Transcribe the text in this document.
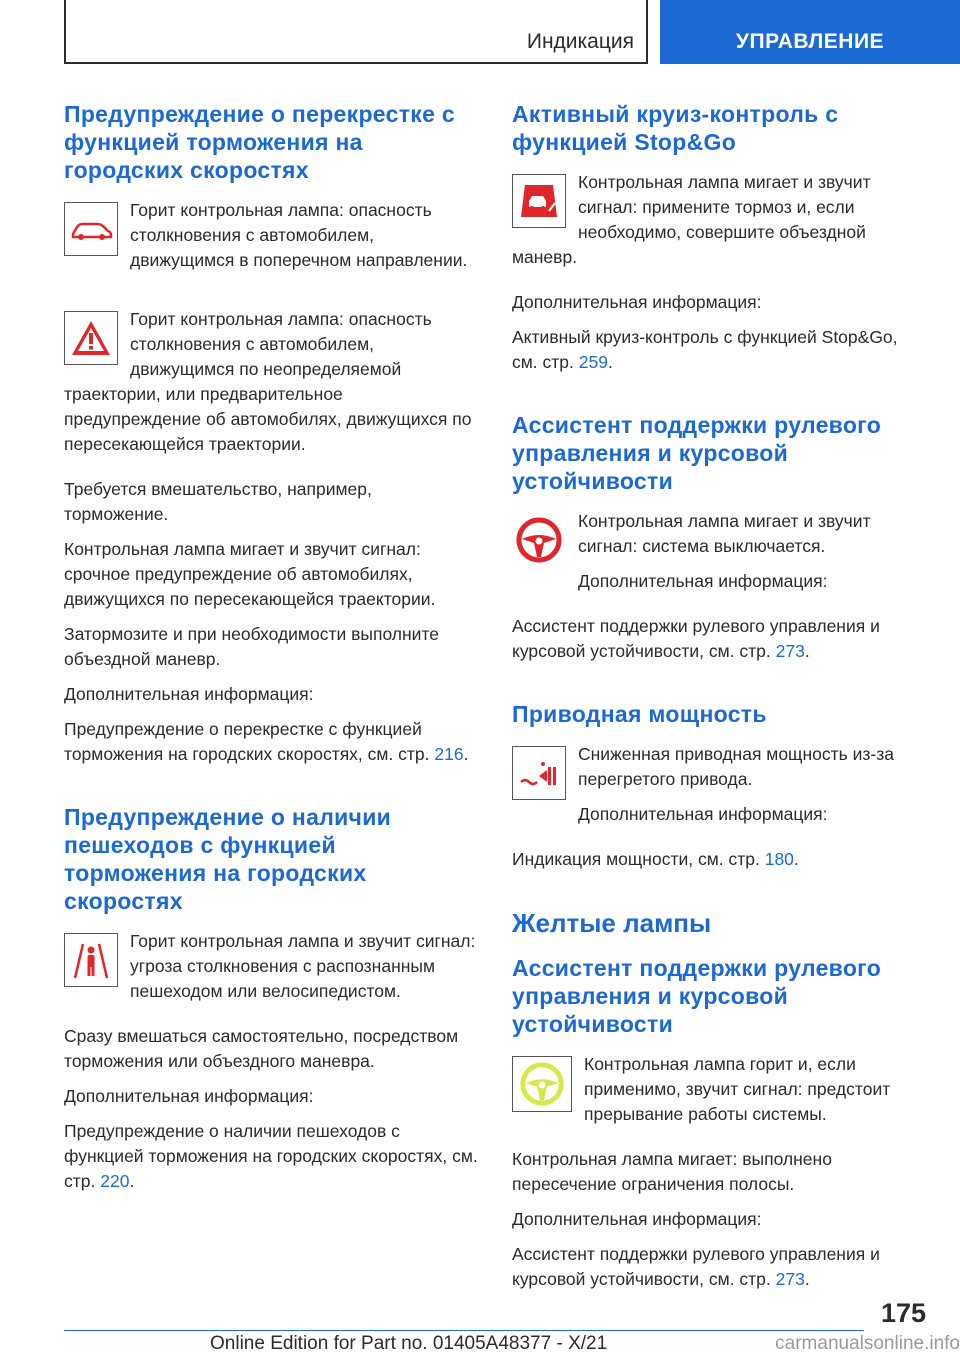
Индикация	УПРАВЛЕНИЕ
Предупреждение о перекрестке с функцией торможения на городских скоростях

Горит контрольная лампа: опасность столкновения с автомобилем, движущимся в поперечном направлении.

Горит контрольная лампа: опасность столкновения с автомобилем, движущимся по неопределяемой траектории, или предварительное предупреждение об автомобилях, движущихся по пересекающейся траектории.

Требуется вмешательство, например, торможение.

Контрольная лампа мигает и звучит сигнал: срочное предупреждение об автомобилях, движущихся по пересекающейся траектории.

Затормозите и при необходимости выполните объездной маневр.

Дополнительная информация:

Предупреждение о перекрестке с функцией торможения на городских скоростях, см. стр. 216.

Предупреждение о наличии пешеходов с функцией торможения на городских скоростях

Горит контрольная лампа и звучит сигнал: угроза столкновения с распознанным пешеходом или велосипедистом.

Сразу вмешаться самостоятельно, посредством торможения или объездного маневра.

Дополнительная информация:

Предупреждение о наличии пешеходов с функцией торможения на городских скоростях, см. стр. 220.

Активный круиз-контроль с функцией Stop&Go

Контрольная лампа мигает и звучит сигнал: примените тормоз и, если необходимо, совершите объездной маневр.

Дополнительная информация:

Активный круиз-контроль с функцией Stop&Go, см. стр. 259.

Ассистент поддержки рулевого управления и курсовой устойчивости

Контрольная лампа мигает и звучит сигнал: система выключается.

Дополнительная информация:

Ассистент поддержки рулевого управления и курсовой устойчивости, см. стр. 273.

Приводная мощность

Сниженная приводная мощность из-за перегретого привода.

Дополнительная информация:

Индикация мощности, см. стр. 180.

Желтые лампы
Ассистент поддержки рулевого управления и курсовой устойчивости

Контрольная лампа горит и, если применимо, звучит сигнал: предстоит прерывание работы системы.

Контрольная лампа мигает: выполнено пересечение ограничения полосы.

Дополнительная информация:

Ассистент поддержки рулевого управления и курсовой устойчивости, см. стр. 273.

175
Online Edition for Part no. 01405A48377 - X/21	carmanualsonline.info
